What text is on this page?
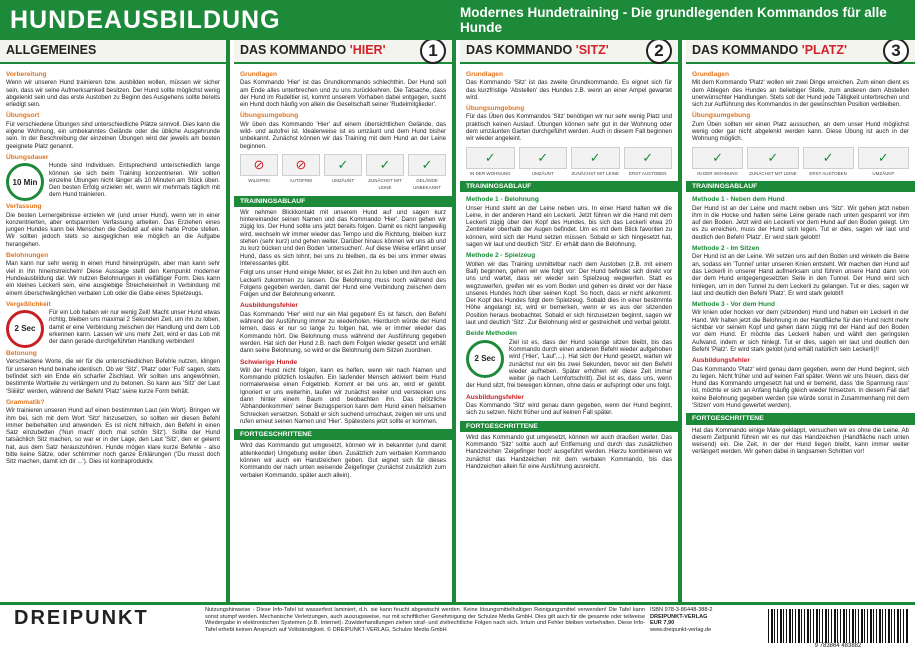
HUNDEAUSBILDUNG	Modernes Hundetraining - Die grundlegenden Kommandos für alle Hunde
ALLGEMEINES
Vorbereitung
Wenn wir unseren Hund trainieren bzw. ausbilden wollen, müssen wir sicher sein, dass wir seine Aufmerksamkeit besitzen. Der Hund sollte möglichst wenig abgelenkt sein und das erste Austoben zu Beginn des Ausgehens sollte bereits erledigt sein.
Übungsort
Für verschiedene Übungen sind unterschiedliche Plätze sinnvoll. Dies kann die eigene Wohnung, ein umbekanntes Gelände oder die übliche Ausgehrunde sein. In der Beschreibung der einzelnen Übungen wird der jeweils am besten geeignete Platz genannt.
Übungsdauer
10 Min
Hunde sind Individuen. Entsprechend unterschiedlich lange können sie sich beim Training konzentrieren. Wir sollten einzelne Übungen nicht länger als 10 Minuten am Stück üben. Den besten Erfolg erzielen wir, wenn wir mehrmals täglich mit dem Hund trainieren.
Verfassung
Die besten Lernergebnisse erzielen wir (und unser Hund), wenn wir in einer konzentrierten, aber entspannten Verfassung arbeiten. Das Erziehen eines jungen Hundes kann bei Menschen die Geduld auf eine harte Probe stellen. Wir sollten jedoch stets so ausgeglichen wie möglich an die Aufgabe herangehen.
Belohnungen
Man kann nur sehr wenig in einen Hund hineinprügeln, aber man kann sehr viel in ihn hineinstreicheln! Diese Aussage stellt den Kernpunkt moderner Hundeausbildung dar. Wir nutzen Belohnungen in vielfältiger Form. Dies kann ein kleines Leckerli sein, eine ausgiebige Streicheleinheit in Verbindung mit einem überschwänglichen verbalen Lob oder die Gabe eines Spielzeugs.
Vergeßlichkeit
2 Sec
Für ein Lob haben wir nur wenig Zeit! Macht unser Hund etwas richtig, bleiben uns maximal 2 Sekunden Zeit, um ihn zu loben, damit er eine Verbindung zwischen der Handlung und dem Lob erkennen kann. Lassen wir uns mehr Zeit, wird er das Lob mit der dann gerade durchgeführten Handlung verbinden!
Betonung
Verschiedene Worte, die wir für die unterschiedlichen Befehle nutzen, klingen für unseren Hund beinahe identisch. Ob wir 'Sitz', 'Platz' oder 'Fuß' sagen, stets befindet sich ein Ende ein scharfer Zischlaut. Wir sollten uns angewöhnen, bestimmte Wortteile zu verlängern und zu betonen. So kann aus 'Sitz' der Laut 'Siiiiiitz' werden, während der Befehl 'Platz' seine kurze Form behält.
Grammatik?
Wir trainieren unseren Hund auf einen bestimmten Laut (ein Wort). Bringen wir ihm bei, sich mit dem Wort 'Sitz' hinzusetzen, so sollten wir diesen Befehl immer beibehalten und anwenden. Es ist nicht hilfreich, den Befehl in einen Satz einzubetten ('Nun mach' doch mal schön Sitz'). Sollte der Hund tatsächlich Sitz machen, so war er in der Lage, den Laut 'Sitz', den er gelernt hat, aus dem Satz herauszuhören. Hunde mögen klare kurze Befehle - also bitte keine Sätze, oder schlimmer noch ganze Erklärungen ('Du musst doch Sitz machen, damit ich dir ...'). Dies ist kontraproduktiv.
DAS KOMMANDO 'HIER'	1
Grundlagen
Das Kommando 'Hier' ist das Grundkommando schlechthin. Der Hund soll am Ende alles unterbrechen und zu uns zurückkehren. Die Tatsache, dass der Hund im Rudeltier ist, kommt unserem Vorhaben dabei entgegen, sucht ein Hund doch häufig von allein die Gesellschaft seiner 'Rudelmitglieder'.
Übungsumgebung
Wir üben das Kommando 'Hier' auf einem übersichtlichen Gelände, das wild- und autofrei ist. Idealerweise ist es umzäunt und dem Hund bisher unbekannt. Zunächst können wir das Training mit dem Hund an der Leine beginnen.
⊘
WILDFREI
⊘
AUTOFREI
✓
UMZÄUNT
✓
ZUNÄCHST MIT LEINE
✓
GELÄNDE UNBEKANNT
TRAININGSABLAUF
Wir nehmen Blickkontakt mit unserem Hund auf und sagen kurz hintereinander seinen Namen und das Kommando 'Hier'. Dann gehen wir zügig los. Der Hund sollte uns jetzt bereits folgen. Damit es nicht langweilig wird, wechseln wir immer wieder das Tempo und die Richtung, bleiben kurz stehen (sehr kurz) und gehen weiter. Darüber hinaus können wir uns ab und zu kurz bücken und den Boden 'untersuchen'. Auf diese Weise erfährt unser Hund, dass es sich lohnt, bei uns zu bleiben, da es bei uns immer etwas Interessantes gibt.
Folgt uns unser Hund einige Meter, ist es Zeit ihn zu loben und ihm auch ein Leckerli zukommen zu lassen. Die Belohnung muss noch während des Folgens gegeben werden, damit der Hund eine Verbindung zwischen dem Folgen und der Belohnung erkennt.
Ausbildungsfehler
Das Kommando 'Hier' wird nur ein Mal gegeben! Es ist falsch, den Befehl während der Ausführung immer zu wiederholen. Hierdurch würde der Hund lernen, dass er nur so lange zu folgen hat, wie er immer wieder das Kommando hört. Die Belohnung muss während der Ausführung gegeben werden. Hat sich der Hund z.B. nach dem Folgen wieder gesetzt und erhält dann seine Belohnung, so wird er die Belohnung dem Sitzen zuordnen.
Schwierige Hunde
Will der Hund nicht folgen, kann es helfen, wenn wir nach Namen und Kommando plötzlich loslaufen. Ein laufender Mensch aktiviert beim Hund normalerweise einen Folgetrieb. Kommt er bei uns an, wird er gelobt. Ignoriert er uns weiterhin, laufen wir zunächst weiter und verstecken uns dann hinter einem Baum und beobachten ihn. Das plötzliche 'Abhandenkommen' seiner Bezugsperson kann dem Hund einen heilsamen Schrecken versetzen. Sobald er sich suchend umschaut, zeigen wir uns und rufen erneut seinen Namen und 'Hier'. Spätestens jetzt sollte er kommen.
FORTGESCHRITTENE
Wird das Kommando gut umgesetzt, können wir in bekannter (und damit ablenkender) Umgebung weiter üben. Zusätzlich zum verbalen Kommando können wir auch ein Handzeichen geben. Gut eignet sich für dieses Kommando der nach unten weisende Zeigefinger (zunächst zusätzlich zum verbalen Kommando, später auch allein).
DAS KOMMANDO 'SITZ'	2
Grundlagen
Das Kommando 'Sitz' ist das zweite Grundkommando. Es eignet sich für das kurzfristige 'Abstellen' des Hundes z.B. wenn an einer Ampel gewartet wird.
Übungsumgebung
Für das Üben des Kommandos 'Sitz' benötigen wir nur sehr wenig Platz und praktisch keinen Auslauf. Übungen können sehr gut in der Wohnung oder dem umzäunten Garten durchgeführt werden. Auch in diesem Fall beginnen wir wieder angeleint.
✓
IN DER WOHNUNG
✓
UMZÄUNT
✓
ZUNÄCHST MIT LEINE
✓
ERST AUSTOBEN
TRAININGSABLAUF
Methode 1 - Belohnung
Unser Hund steht an der Leine neben uns. In einer Hand halten wir die Leine, in der anderen Hand ein Leckerli. Jetzt führen wir die Hand mit dem Leckerli zügig über den Kopf des Hundes, bis sich das Leckerli etwa 20 Zentimeter oberhalb der Augen befindet. Um es mit dem Blick favoriten zu können, wird sich der Hund setzen müssen. Sobald er sich hingesetzt hat, sagen wir laut und deutlich 'Sitz'. Er erhält dann die Belohnung.
Methode 2 - Spielzeug
Wollen wir das Training unmittelbar nach dem Austoben (z.B. mit einem Ball) beginnen, gehen wir wie folgt vor: Der Hund befindet sich direkt vor uns und wartet, dass wir wieder sein Spielzeug wegwerfen. Statt es wegzuwerfen, greifen wir es vom Boden und gehen es direkt vor der Nase unseres Hundes hoch über seinen Kopf. So hoch, dass er nicht ankommt. Der Kopf des Hundes folgt dem Spielzeug. Sobald dies in einer bestimmte Höhe angelangt ist, wird er bemerken, wenn er es aus der sitzenden Position heraus beobachtet. Sobald er sich hinzusetzen beginnt, sagen wir laut und deutlich 'Sitz'. Zur Belohnung wird er gestreichelt und verbal gelobt.
Beide Methoden
2 Sec
Ziel ist es, dass der Hund solange sitzen bleibt, bis das Kommando durch einen anderen Befehl wieder aufgehoben wird ('Hier', 'Lauf',...). Hat sich der Hund gesetzt, warten wir zunächst nur ein bis zwei Sekunden, bevor wir den Befehl wieder aufheben. Später erhöhen wir diese Zeit immer weiter (je nach Lernfortschritt). Ziel ist es, dass uns, wenn der Hund sitzt, frei bewegen können, ohne dass er aufspringt oder uns folgt.
Ausbildungsfehler
Das Kommando 'Sitz' wird genau dann gegeben, wenn der Hund beginnt, sich zu setzen. Nicht früher und auf keinen Fall später.
FORTGESCHRITTENE
Wird das Kommando gut umgesetzt, können wir auch draußen weiter. Das Kommando 'Sitz' sollte auch auf Entfernung und durch das zusätzlichen Handzeichen 'Zeigefinger hoch' ausgeführt werden. Hierzu kombinieren wir zunächst das Handzeichen mit dem verbalen Kommando, bis das Handzeichen allein für eine Ausführung ausreicht.
DAS KOMMANDO 'PLATZ'	3
Grundlagen
Mit dem Kommando 'Platz' wollen wir zwei Dinge erreichen. Zum einen dient es dem Ablegen des Hundes an beliebiger Stelle, zum anderen dem Abstellen unerwünschter Handlungen. Stets soll der Hund jede Tätigkeit unterbrechen und sich zur Aufführung des Kommandos in der gewünschten Position verbleiben.
Übungsumgebung
Zum Üben sollten wir einen Platz aussuchen, an dem unser Hund möglichst wenig oder gar nicht abgelenkt werden kann. Diese Übung ist auch in der Wohnung möglich.
✓
IN DER WOHNUNG
✓
ZUNÄCHST MIT LEINE
✓
ERST AUSTOBEN
✓
UMZÄUNT
TRAININGSABLAUF
Methode 1 - Neben dem Hund
Der Hund ist an der Leine und macht neben uns 'Sitz'. Wir gehen jetzt neben ihm in die Hocke und halten seine Leine gerade nach unten gespannt vor ihm auf den Boden. Jetzt wird ein Leckerli vor dem Hund auf den Boden gelegt. Um es zu erreichen, muss der Hund sich legen. Tut er dies, sagen wir laut und deutlich den Befehl 'Platz'. Er wird stark gelobt!!
Methode 2 - Im Sitzen
Der Hund ist an der Leine. Wir setzen uns auf den Boden und winkeln die Beine an, sodass ein 'Tunnel' unter unseren Knien entsteht. Wir machen den Hund auf das Leckerli in unserer Hand aufmerksam und führen unsere Hand dann von der dem Hund entgegengesetzten Seite in den Tunnel. Der Hund wird sich hinlegen, um in den Tunnel zu dem Leckerli zu gelangen. Tut er dies, sagen wir laut und deutlich den Befehl 'Platz'. Er wird stark gelobt!!
Methode 3 - Vor dem Hund
Wir knien oder hocken vor dem (sitzenden) Hund und haben ein Leckerli in der Hand. Wir halten jetzt die Belohnung in der Handfläche für den Hund nicht mehr sichtbar vor seinem Kopf und gehen dann zügig mit der Hand auf den Boden vor dem Hund. Er möchte das Leckerli haben und wählt den geringsten Aufwand, indem er sich hinlegt. Tut er dies, sagen wir laut und deutlich den Befehl 'Platz'. Er wird stark gelobt (und erhält natürlich sein Leckerli)!!
Ausbildungsfehler
Das Kommando 'Platz' wird genau dann gegeben, wenn der Hund beginnt, sich zu legen. Nicht früher und auf keinen Fall später. Wenn wir uns freuen, dass der Hund das Kommando umgesetzt hat und er bemerkt, dass 'die Spannung raus' ist, möchte er sich an Anfang häufig gleich wieder hinsetzen. In diesem Fall darf keine Belohnung gegeben werden (sie würde sonst in Zusammenhang mit dem 'Sitzen' vom Hund gewertet werden).
FORTGESCHRITTENE
Hat das Kommando einige Male geklappt, versuchen wir es ohne die Leine. Ab diesem Zeitpunkt führen wir es nur das Handzeichen (Handfläche nach unten weisend) ein. Die Zeit, in der der Hund liegen bleibt, kann immer weiter verlängert werden. Wir gehen dabei in langsamen Schritten vor!
DREIPUNKT	Nutzungshinweise - Diese Info-Tafel ist wasserfest laminiert, d.h. sie kann feucht abgewischt werden. Keine lösungsmittelhaltigen Reinigungsmittel verwenden! Die Tafel kann sonst stumpf werden. Mechanische Verletzungen, auch auszugsweise, nur mit schriftlicher Genehmigung der Schulze Media GmbH. Dies gilt auch für die gesamte oder teilweise Wiedergabe in elektronischen Systemen (z.B. Internet). Zuwiderhandlungen ziehen straf- und zivilrechtliche Folgen nach sich. Irrtum und Fehler bleiben vorbehalten. Diese Info-Tafel erhebt keinen Anspruch auf Vollständigkeit. © DREIPUNKT-VERLAG, Schulze Media GmbH
ISBN 978-3-86448-388-2
DREIPUNKT-VERLAG
EUR 7,90
www.dreipunkt-verlag.de
9 783864 483882
